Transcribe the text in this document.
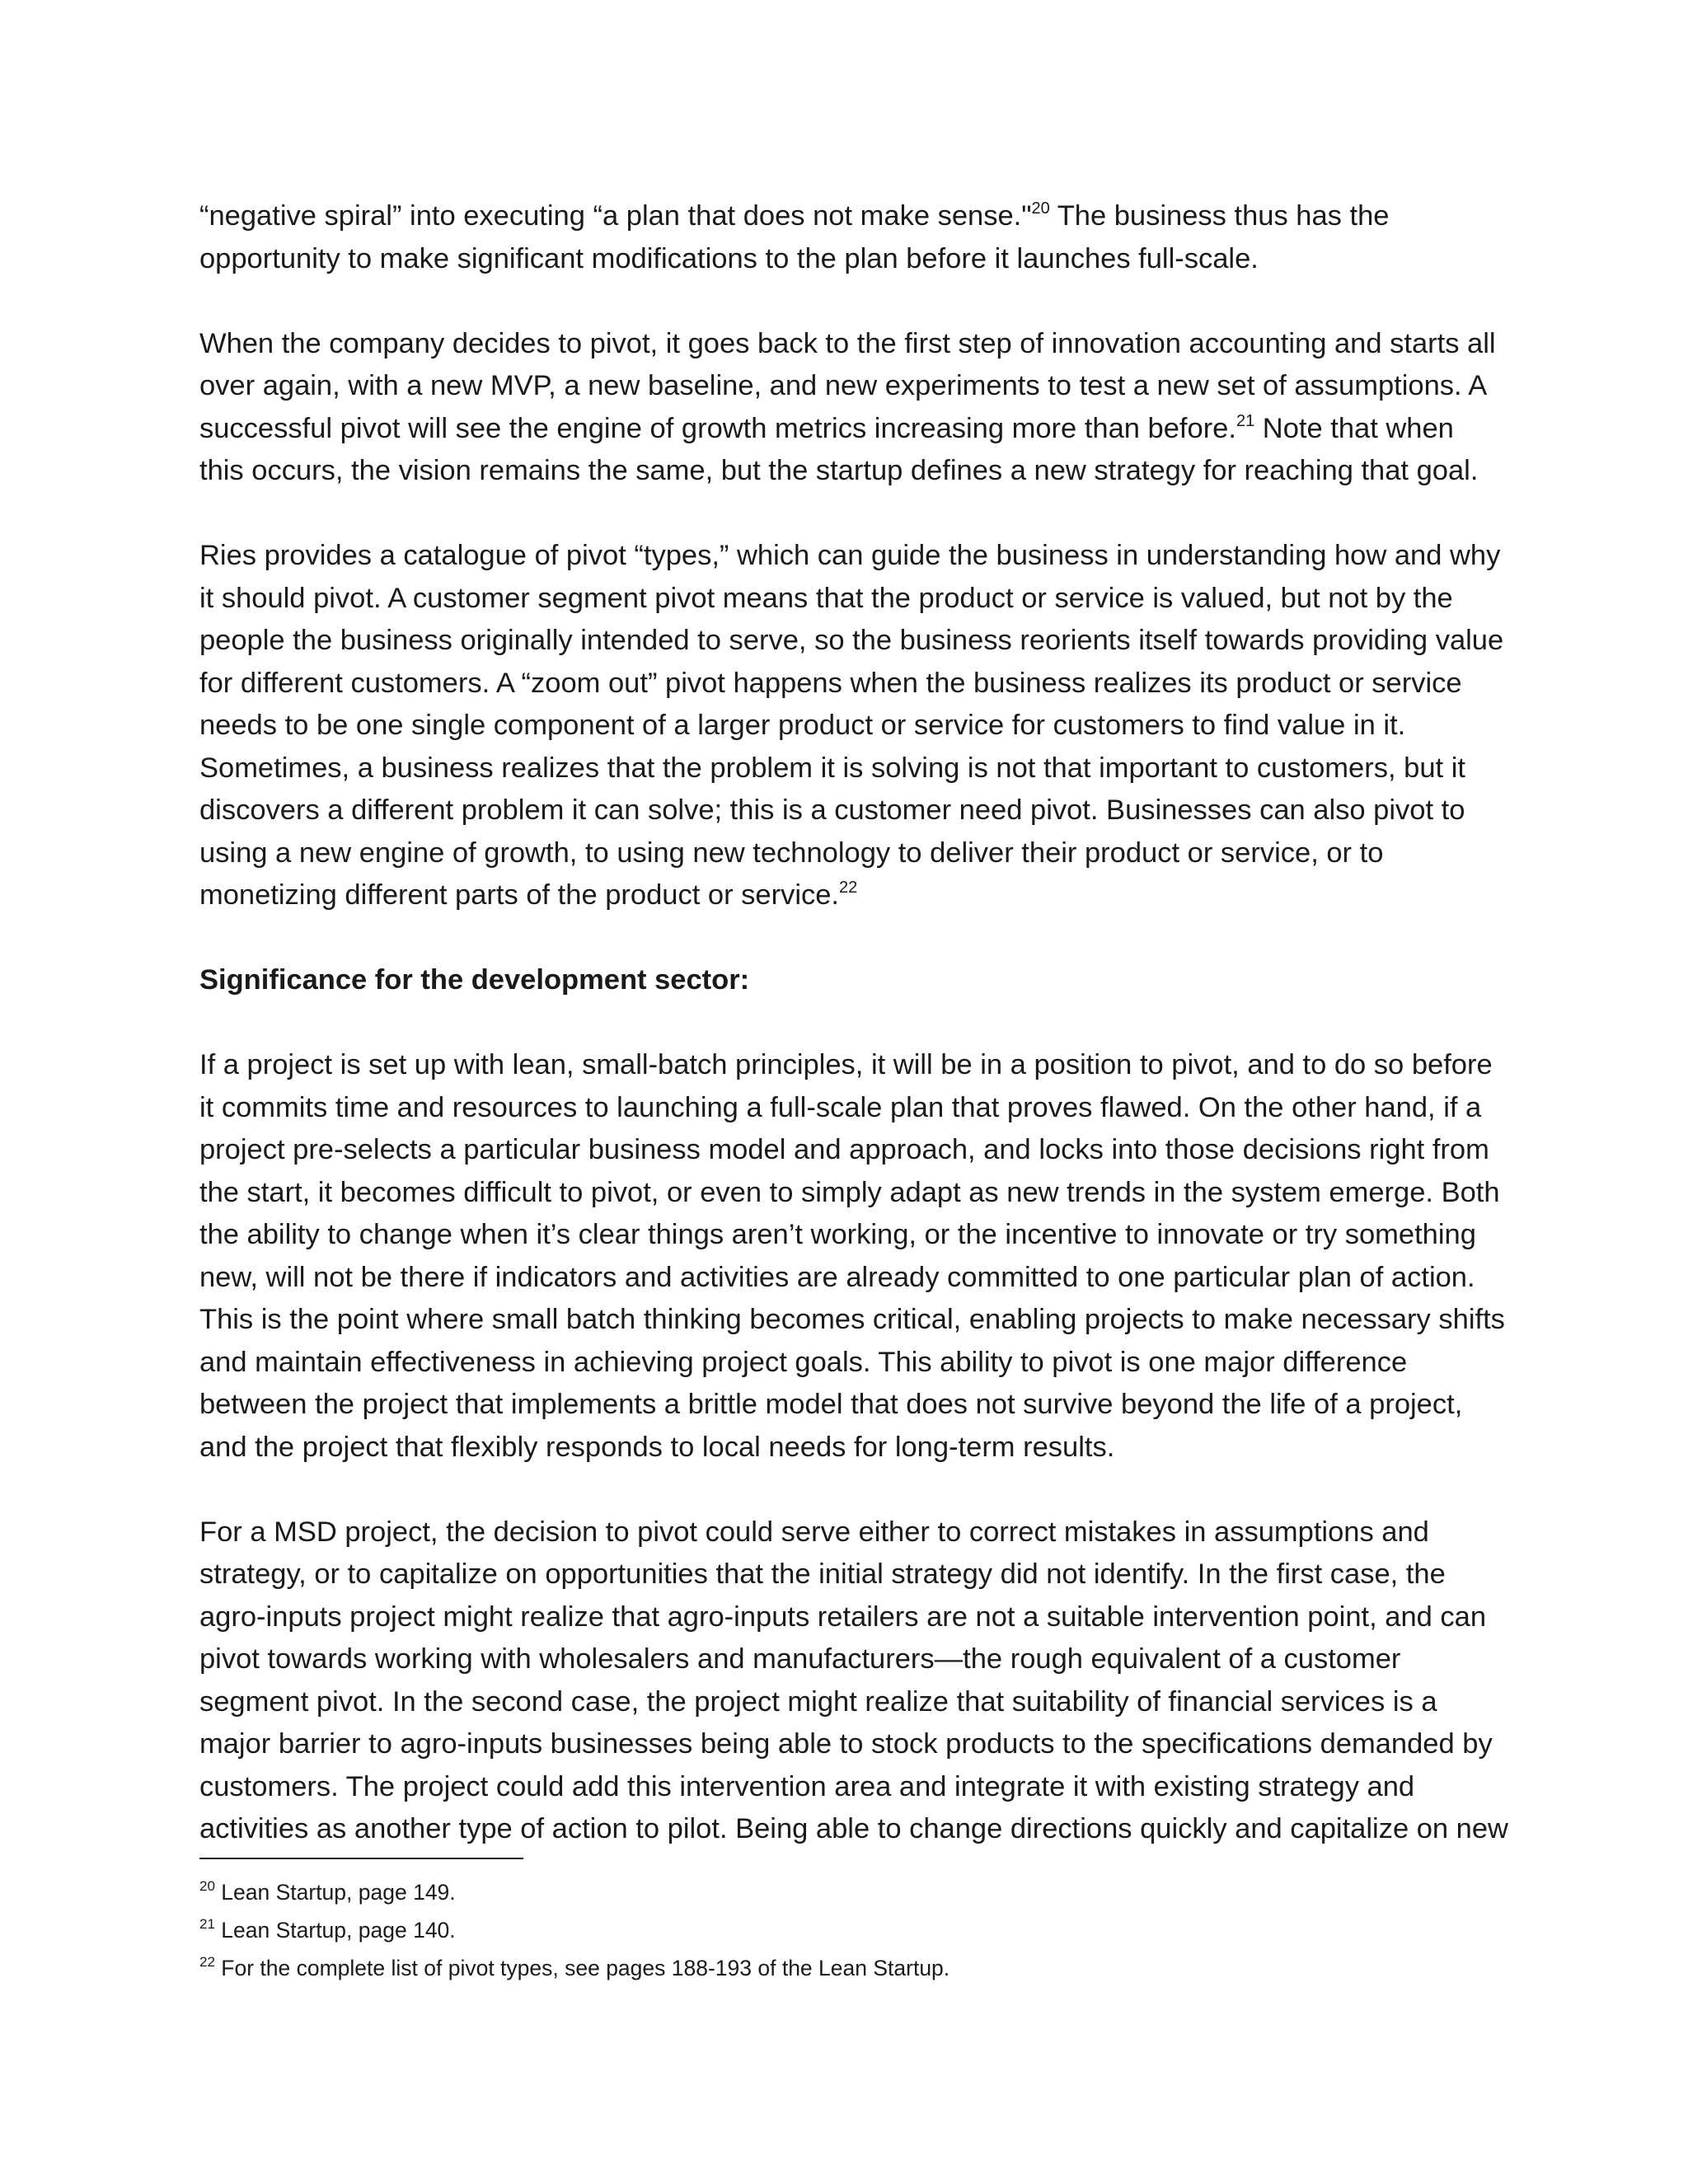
“negative spiral” into executing “a plan that does not make sense."$^{20}$ The business thus has the
opportunity to make significant modifications to the plan before it launches full-scale.

When the company decides to pivot, it goes back to the first step of innovation accounting and starts all
over again, with a new MVP, a new baseline, and new experiments to test a new set of assumptions. A
successful pivot will see the engine of growth metrics increasing more than before.$^{21}$ Note that when
this occurs, the vision remains the same, but the startup defines a new strategy for reaching that goal.

Ries provides a catalogue of pivot “types,” which can guide the business in understanding how and why
it should pivot. A customer segment pivot means that the product or service is valued, but not by the
people the business originally intended to serve, so the business reorients itself towards providing value
for different customers. A “zoom out” pivot happens when the business realizes its product or service
needs to be one single component of a larger product or service for customers to find value in it.
Sometimes, a business realizes that the problem it is solving is not that important to customers, but it
discovers a different problem it can solve; this is a customer need pivot. Businesses can also pivot to
using a new engine of growth, to using new technology to deliver their product or service, or to
monetizing different parts of the product or service.$^{22}$

Significance for the development sector:

If a project is set up with lean, small-batch principles, it will be in a position to pivot, and to do so before
it commits time and resources to launching a full-scale plan that proves flawed. On the other hand, if a
project pre-selects a particular business model and approach, and locks into those decisions right from
the start, it becomes difficult to pivot, or even to simply adapt as new trends in the system emerge. Both
the ability to change when it’s clear things aren’t working, or the incentive to innovate or try something
new, will not be there if indicators and activities are already committed to one particular plan of action.
This is the point where small batch thinking becomes critical, enabling projects to make necessary shifts
and maintain effectiveness in achieving project goals. This ability to pivot is one major difference
between the project that implements a brittle model that does not survive beyond the life of a project,
and the project that flexibly responds to local needs for long-term results.

For a MSD project, the decision to pivot could serve either to correct mistakes in assumptions and
strategy, or to capitalize on opportunities that the initial strategy did not identify. In the first case, the
agro-inputs project might realize that agro-inputs retailers are not a suitable intervention point, and can
pivot towards working with wholesalers and manufacturers—the rough equivalent of a customer
segment pivot. In the second case, the project might realize that suitability of financial services is a
major barrier to agro-inputs businesses being able to stock products to the specifications demanded by
customers. The project could add this intervention area and integrate it with existing strategy and
activities as another type of action to pilot. Being able to change directions quickly and capitalize on new

$^{20}$ Lean Startup, page 149.
$^{21}$ Lean Startup, page 140.
$^{22}$ For the complete list of pivot types, see pages 188-193 of the Lean Startup.
